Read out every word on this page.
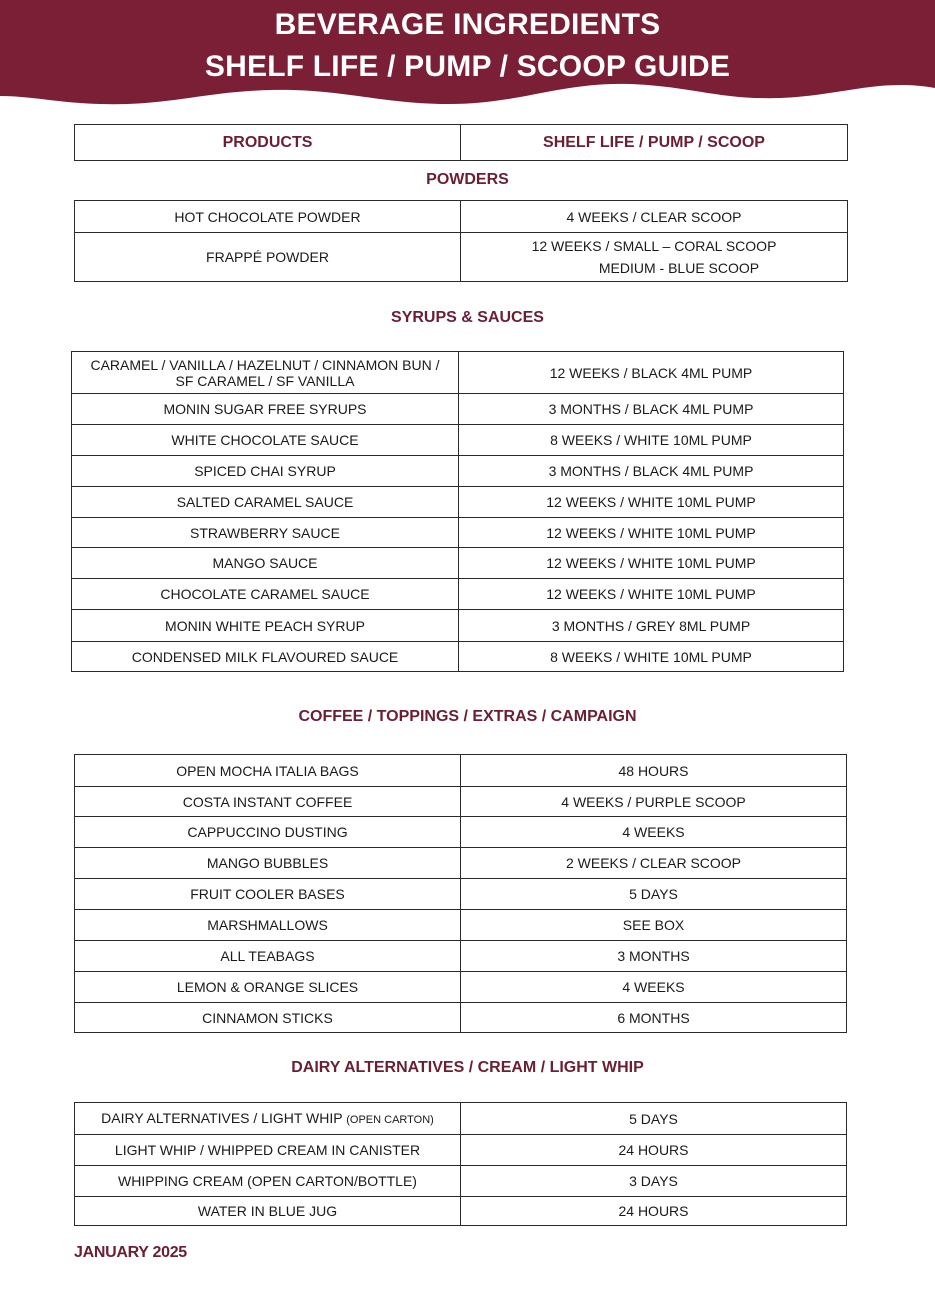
BEVERAGE INGREDIENTS
SHELF LIFE / PUMP / SCOOP GUIDE
PRODUCTS	SHELF LIFE / PUMP / SCOOP
POWDERS
HOT CHOCOLATE POWDER	4 WEEKS / CLEAR SCOOP
FRAPPÉ POWDER	12 WEEKS / SMALL – CORAL SCOOP
MEDIUM - BLUE SCOOP
SYRUPS & SAUCES
CARAMEL / VANILLA / HAZELNUT / CINNAMON BUN /
SF CARAMEL / SF VANILLA	12 WEEKS / BLACK 4ML PUMP
MONIN SUGAR FREE SYRUPS	3 MONTHS / BLACK 4ML PUMP
WHITE CHOCOLATE SAUCE	8 WEEKS / WHITE 10ML PUMP
SPICED CHAI SYRUP	3 MONTHS / BLACK 4ML PUMP
SALTED CARAMEL SAUCE	12 WEEKS / WHITE 10ML PUMP
STRAWBERRY SAUCE	12 WEEKS / WHITE 10ML PUMP
MANGO SAUCE	12 WEEKS / WHITE 10ML PUMP
CHOCOLATE CARAMEL SAUCE	12 WEEKS / WHITE 10ML PUMP
MONIN WHITE PEACH SYRUP	3 MONTHS / GREY 8ML PUMP
CONDENSED MILK FLAVOURED SAUCE	8 WEEKS / WHITE 10ML PUMP
COFFEE / TOPPINGS / EXTRAS / CAMPAIGN
OPEN MOCHA ITALIA BAGS	48 HOURS
COSTA INSTANT COFFEE	4 WEEKS / PURPLE SCOOP
CAPPUCCINO DUSTING	4 WEEKS
MANGO BUBBLES	2 WEEKS / CLEAR SCOOP
FRUIT COOLER BASES	5 DAYS
MARSHMALLOWS	SEE BOX
ALL TEABAGS	3 MONTHS
LEMON & ORANGE SLICES	4 WEEKS
CINNAMON STICKS	6 MONTHS
DAIRY ALTERNATIVES / CREAM / LIGHT WHIP
DAIRY ALTERNATIVES / LIGHT WHIP (OPEN CARTON)	5 DAYS
LIGHT WHIP / WHIPPED CREAM IN CANISTER	24 HOURS
WHIPPING CREAM (OPEN CARTON/BOTTLE)	3 DAYS
WATER IN BLUE JUG	24 HOURS
JANUARY 2025
